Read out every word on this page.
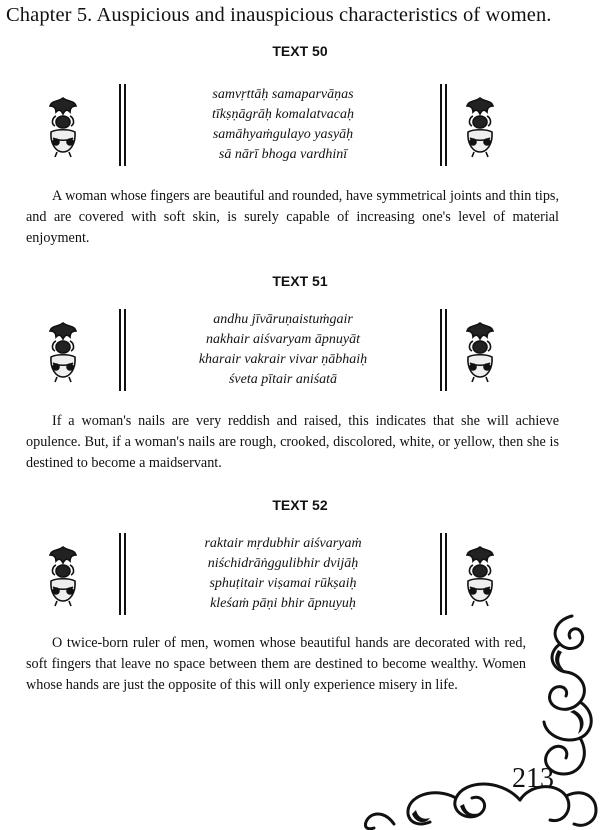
Chapter 5. Auspicious and inauspicious characteristics of women.
TEXT 50
samvṛttāḥ samaparvāṇas
tīkṣṇāgrāḥ komalatvacaḥ
samāhyaṁgulayo yasyāḥ
sā nārī bhoga vardhinī
A woman whose fingers are beautiful and rounded, have symmetrical joints and thin tips, and are covered with soft skin, is surely capable of increasing one's level of material enjoyment.
TEXT 51
andhu jīvāruṇaistuṁgair
nakhair aiśvaryam āpnuyāt
kharair vakrair vivar ṇābhaiḥ
śveta pītair aniśatā
If a woman's nails are very reddish and raised, this indicates that she will achieve opulence. But, if a woman's nails are rough, crooked, discolored, white, or yellow, then she is destined to become a maidservant.
TEXT 52
raktair mṛdubhir aiśvaryaṁ
niśchidrāṅggulibhir dvijāḥ
sphuṭitair viṣamai rūkṣaiḥ
kleśaṁ pāṇi bhir āpnuyuḥ
O twice-born ruler of men, women whose beautiful hands are decorated with red, soft fingers that leave no space between them are destined to become wealthy. Women whose hands are just the opposite of this will only experience misery in life.
213
